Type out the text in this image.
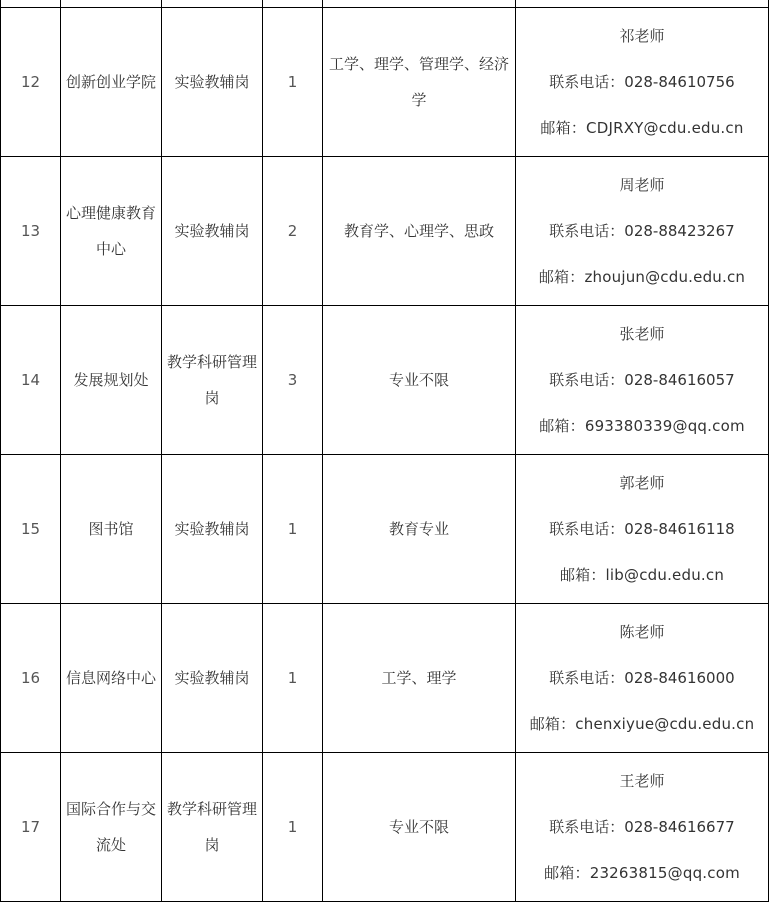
12	创新创业学院	实验教辅岗	1	工学、理学、管理学、经济学	祁老师
联系电话：028-84610756
邮箱：CDJRXY@cdu.edu.cn

13	心理健康教育中心	实验教辅岗	2	教育学、心理学、思政	周老师
联系电话：028-88423267
邮箱：zhoujun@cdu.edu.cn

14	发展规划处	教学科研管理岗	3	专业不限	张老师
联系电话：028-84616057
邮箱：693380339@qq.com

15	图书馆	实验教辅岗	1	教育专业	郭老师
联系电话：028-84616118
邮箱：lib@cdu.edu.cn

16	信息网络中心	实验教辅岗	1	工学、理学	陈老师
联系电话：028-84616000
邮箱：chenxiyue@cdu.edu.cn

17	国际合作与交流处	教学科研管理岗	1	专业不限	王老师
联系电话：028-84616677
邮箱：23263815@qq.com
